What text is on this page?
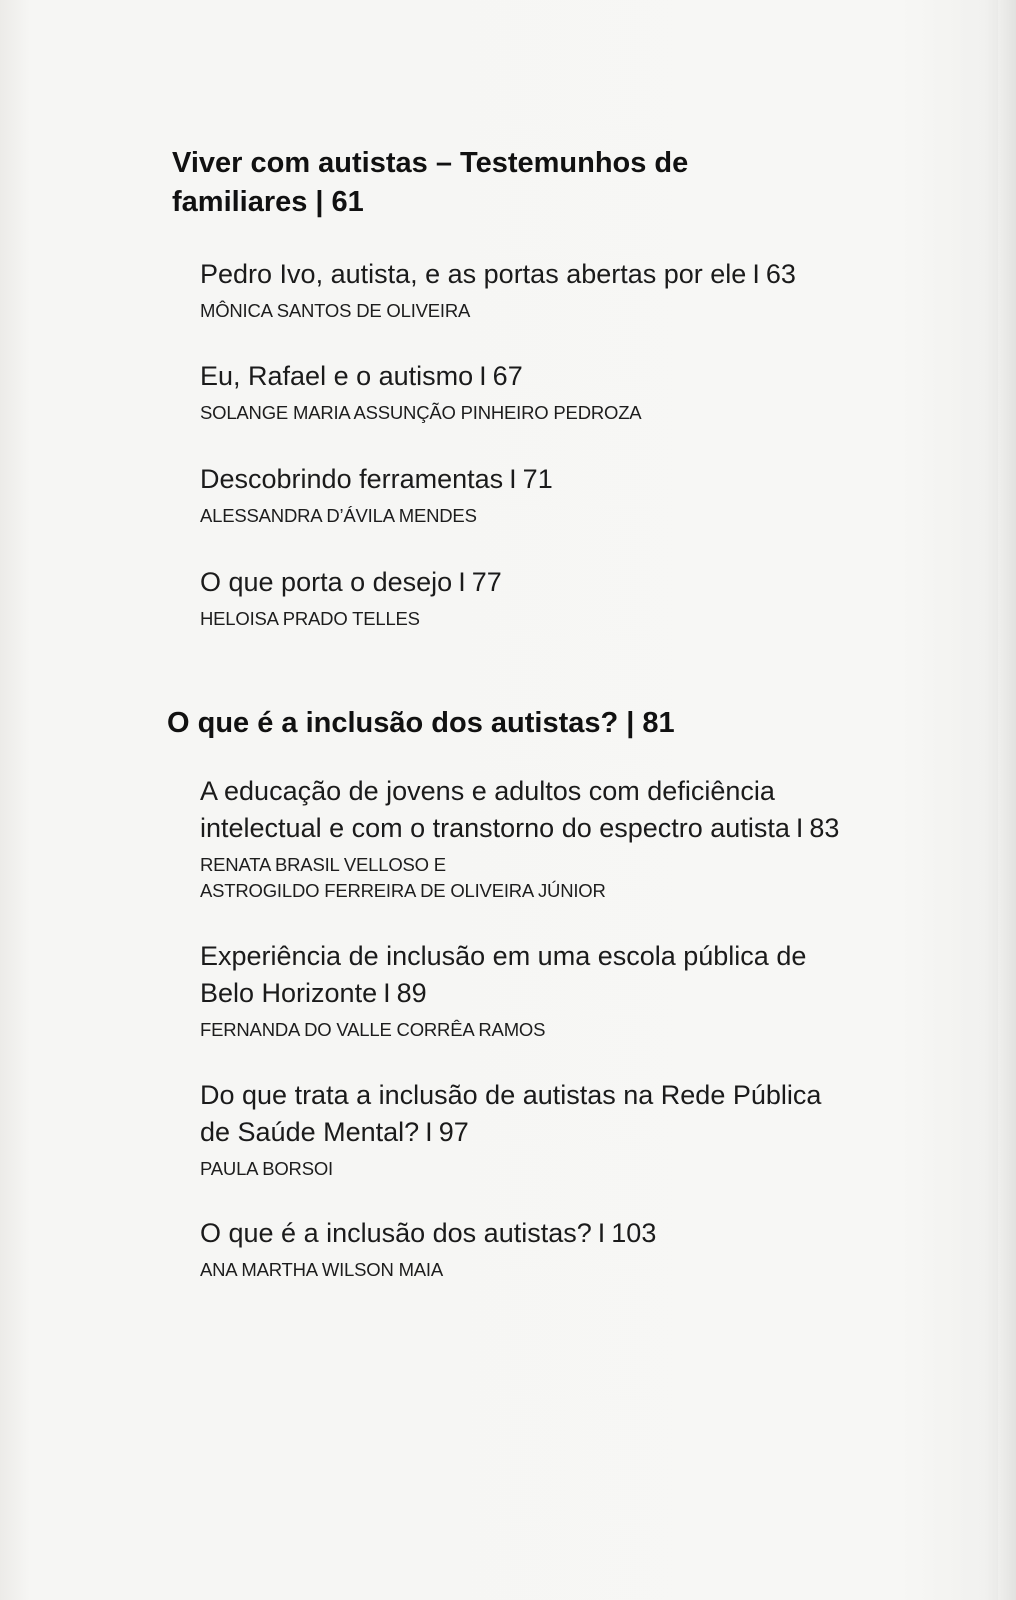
Viver com autistas – Testemunhos de
familiares | 61
Pedro Ivo, autista, e as portas abertas por ele I 63
MÔNICA SANTOS DE OLIVEIRA
Eu, Rafael e o autismo I 67
SOLANGE MARIA ASSUNÇÃO PINHEIRO PEDROZA
Descobrindo ferramentas I 71
ALESSANDRA D’ÁVILA MENDES
O que porta o desejo I 77
HELOISA PRADO TELLES
O que é a inclusão dos autistas? | 81
A educação de jovens e adultos com deficiência
intelectual e com o transtorno do espectro autista I 83
RENATA BRASIL VELLOSO E
ASTROGILDO FERREIRA DE OLIVEIRA JÚNIOR
Experiência de inclusão em uma escola pública de
Belo Horizonte I 89
FERNANDA DO VALLE CORRÊA RAMOS
Do que trata a inclusão de autistas na Rede Pública
de Saúde Mental? I 97
PAULA BORSOI
O que é a inclusão dos autistas? I 103
ANA MARTHA WILSON MAIA
